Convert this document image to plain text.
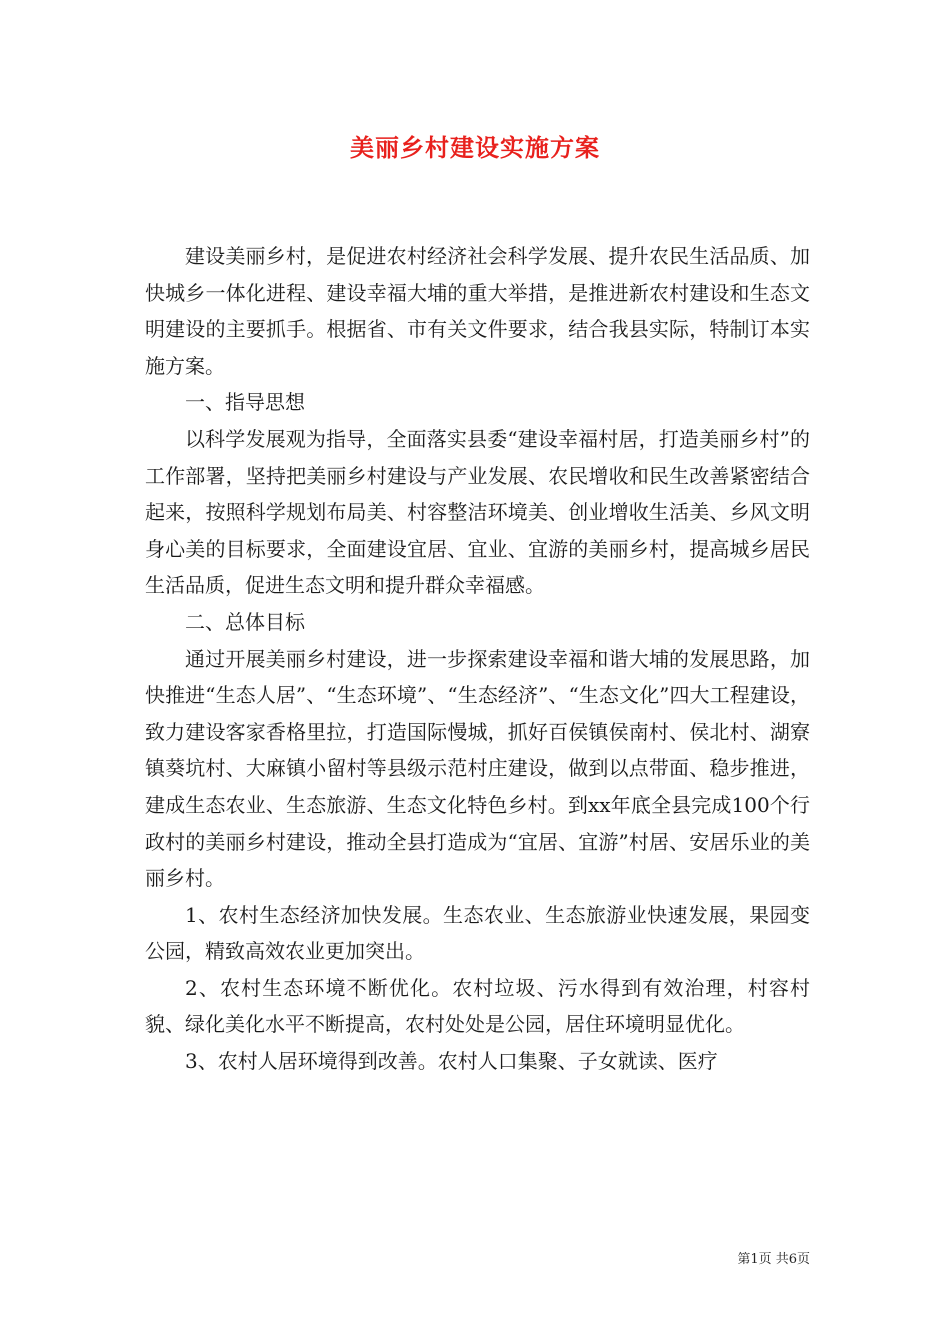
美丽乡村建设实施方案

建设美丽乡村，是促进农村经济社会科学发展、提升农民生活品质、加快城乡一体化进程、建设幸福大埔的重大举措，是推进新农村建设和生态文明建设的主要抓手。根据省、市有关文件要求，结合我县实际，特制订本实施方案。

一、指导思想

以科学发展观为指导，全面落实县委“建设幸福村居，打造美丽乡村”的工作部署，坚持把美丽乡村建设与产业发展、农民增收和民生改善紧密结合起来，按照科学规划布局美、村容整洁环境美、创业增收生活美、乡风文明身心美的目标要求，全面建设宜居、宜业、宜游的美丽乡村，提高城乡居民生活品质，促进生态文明和提升群众幸福感。

二、总体目标

通过开展美丽乡村建设，进一步探索建设幸福和谐大埔的发展思路，加快推进“生态人居”、“生态环境”、“生态经济”、“生态文化”四大工程建设，致力建设客家香格里拉，打造国际慢城，抓好百侯镇侯南村、侯北村、湖寮镇葵坑村、大麻镇小留村等县级示范村庄建设，做到以点带面、稳步推进，建成生态农业、生态旅游、生态文化特色乡村。到xx年底全县完成100个行政村的美丽乡村建设，推动全县打造成为“宜居、宜游”村居、安居乐业的美丽乡村。

1、农村生态经济加快发展。生态农业、生态旅游业快速发展，果园变公园，精致高效农业更加突出。

2、农村生态环境不断优化。农村垃圾、污水得到有效治理，村容村貌、绿化美化水平不断提高，农村处处是公园，居住环境明显优化。

3、农村人居环境得到改善。农村人口集聚、子女就读、医疗

第1页 共6页
